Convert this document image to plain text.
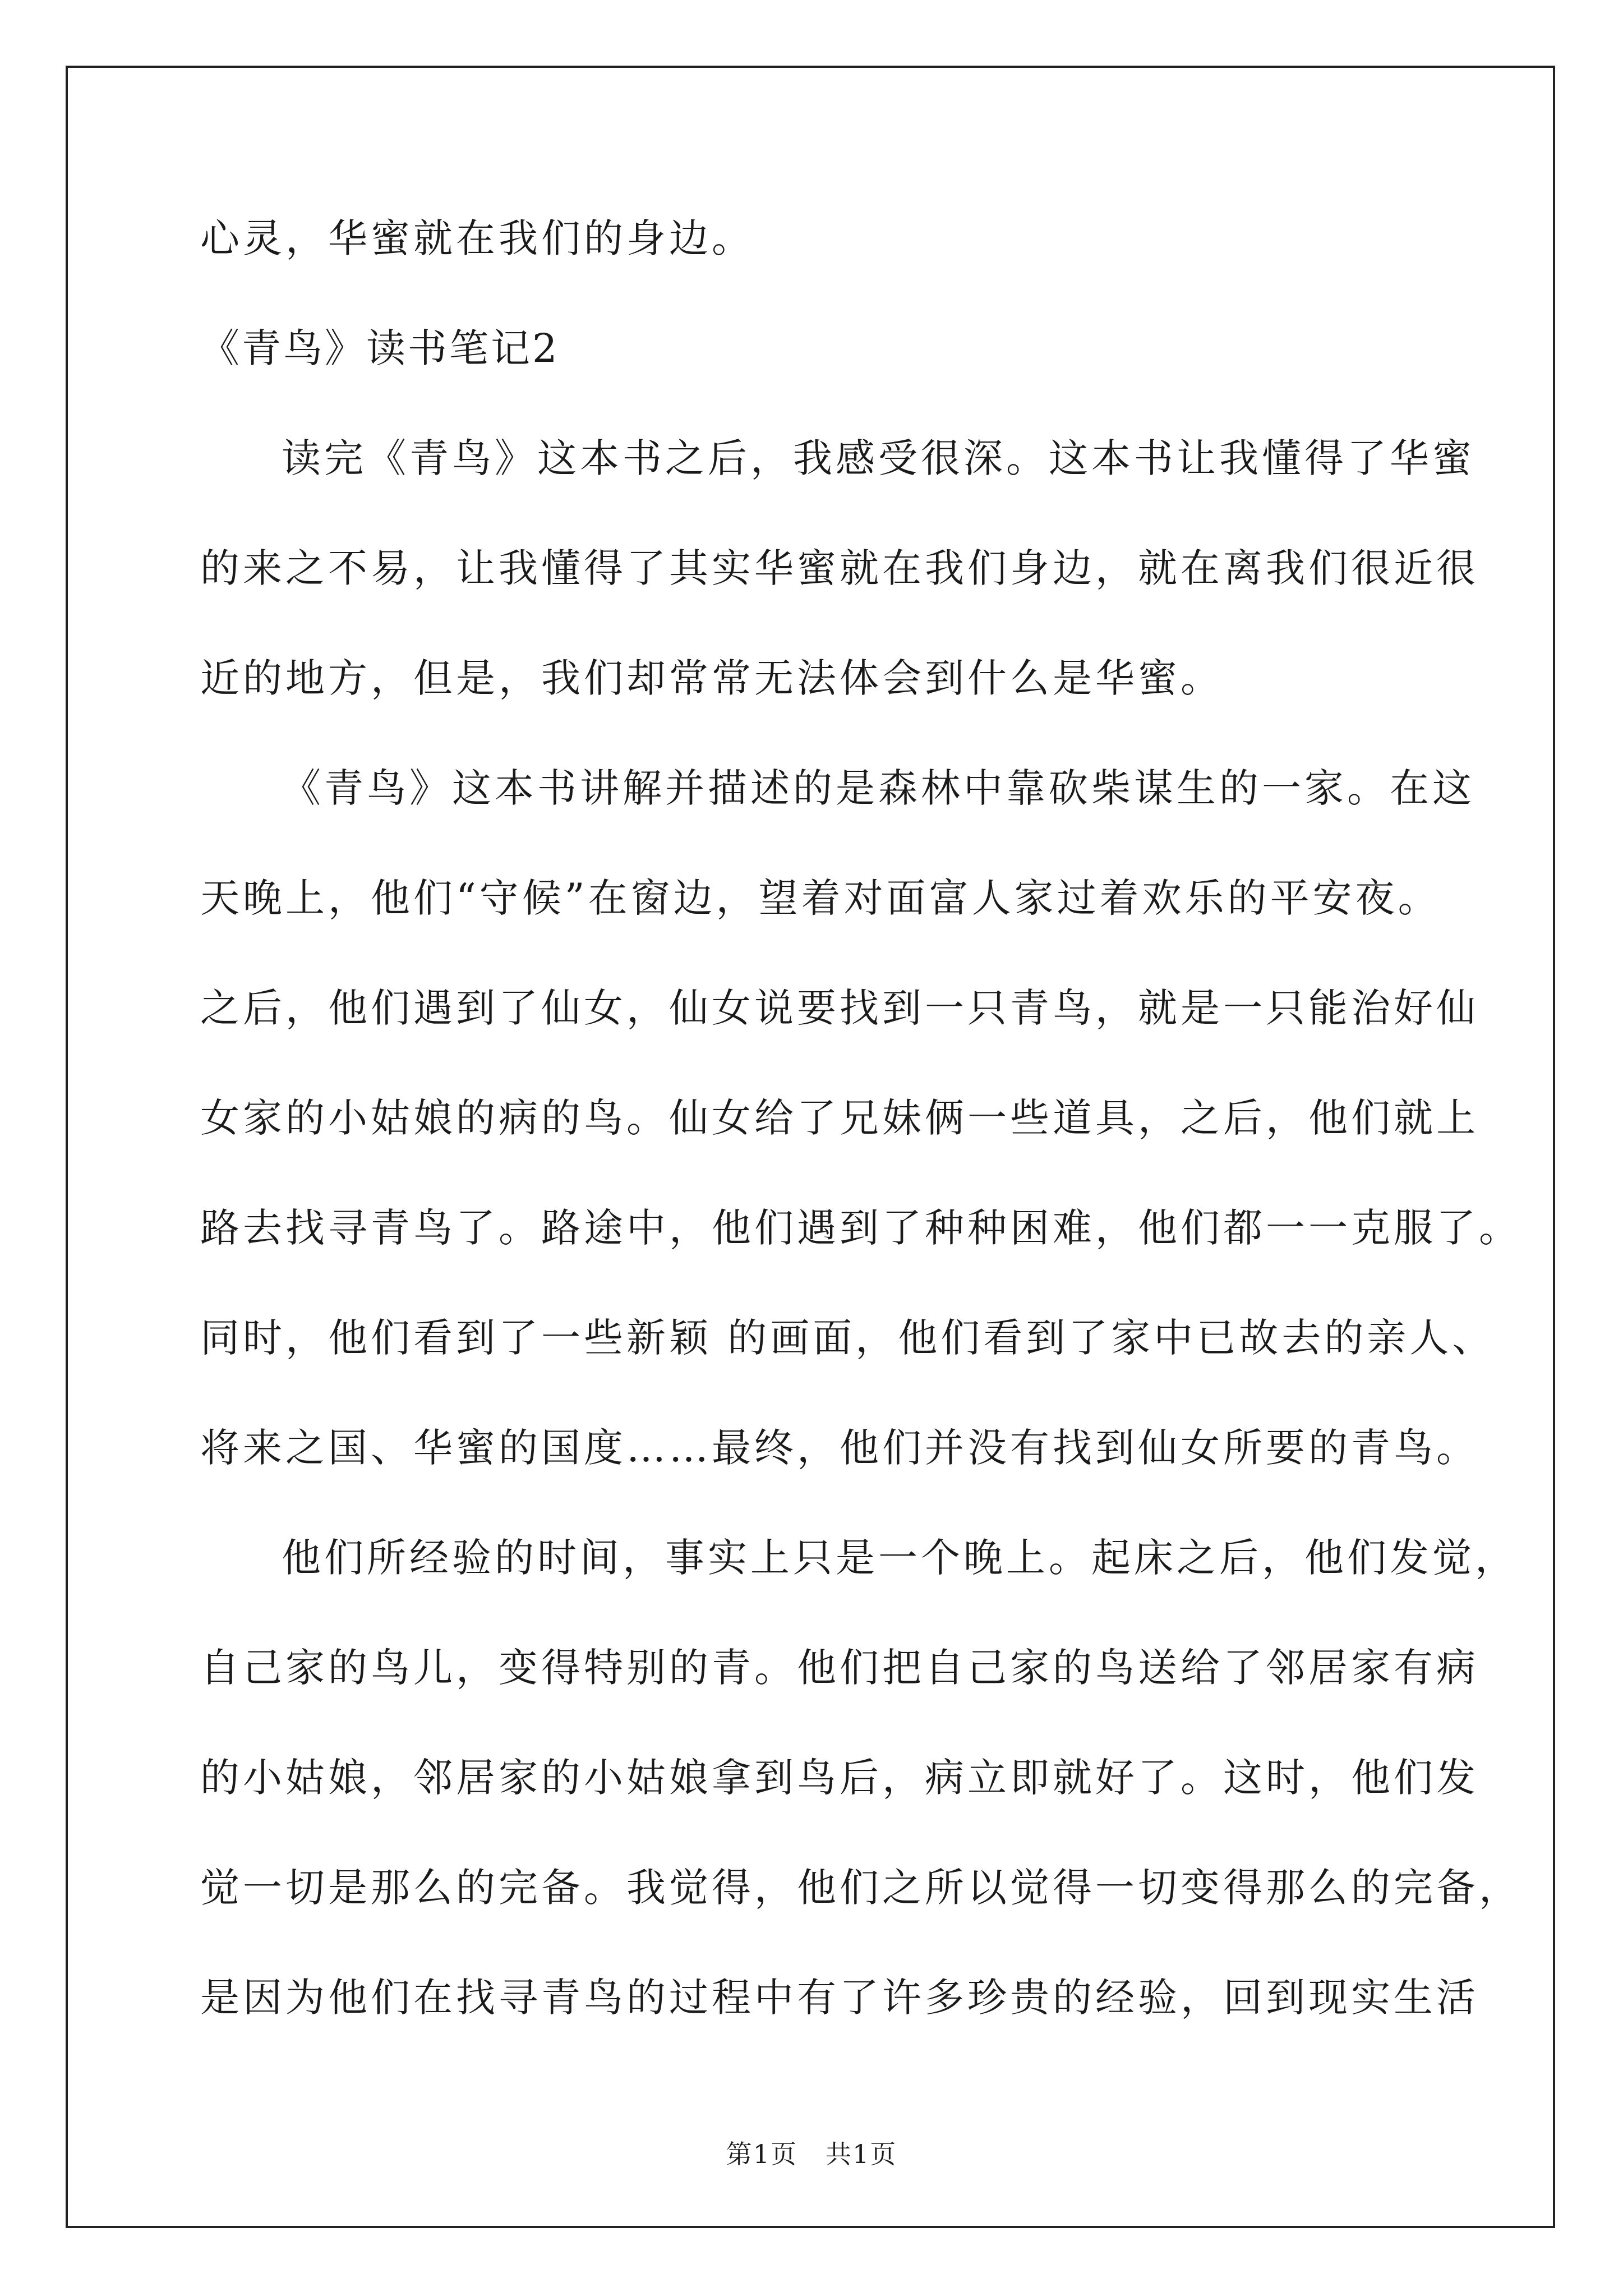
心灵，华蜜就在我们的身边。

《青鸟》读书笔记2

读完《青鸟》这本书之后，我感受很深。这本书让我懂得了华蜜

的来之不易，让我懂得了其实华蜜就在我们身边，就在离我们很近很

近的地方，但是，我们却常常无法体会到什么是华蜜。

《青鸟》这本书讲解并描述的是森林中靠砍柴谋生的一家。在这

天晚上，他们“守候”在窗边，望着对面富人家过着欢乐的平安夜。

之后，他们遇到了仙女，仙女说要找到一只青鸟，就是一只能治好仙

女家的小姑娘的病的鸟。仙女给了兄妹俩一些道具，之后，他们就上

路去找寻青鸟了。路途中，他们遇到了种种困难，他们都一一克服了。

同时，他们看到了一些新颖 的画面，他们看到了家中已故去的亲人、

将来之国、华蜜的国度……最终，他们并没有找到仙女所要的青鸟。

他们所经验的时间，事实上只是一个晚上。起床之后，他们发觉，

自己家的鸟儿，变得特别的青。他们把自己家的鸟送给了邻居家有病

的小姑娘，邻居家的小姑娘拿到鸟后，病立即就好了。这时，他们发

觉一切是那么的完备。我觉得，他们之所以觉得一切变得那么的完备，

是因为他们在找寻青鸟的过程中有了许多珍贵的经验，回到现实生活

第1页 共1页
